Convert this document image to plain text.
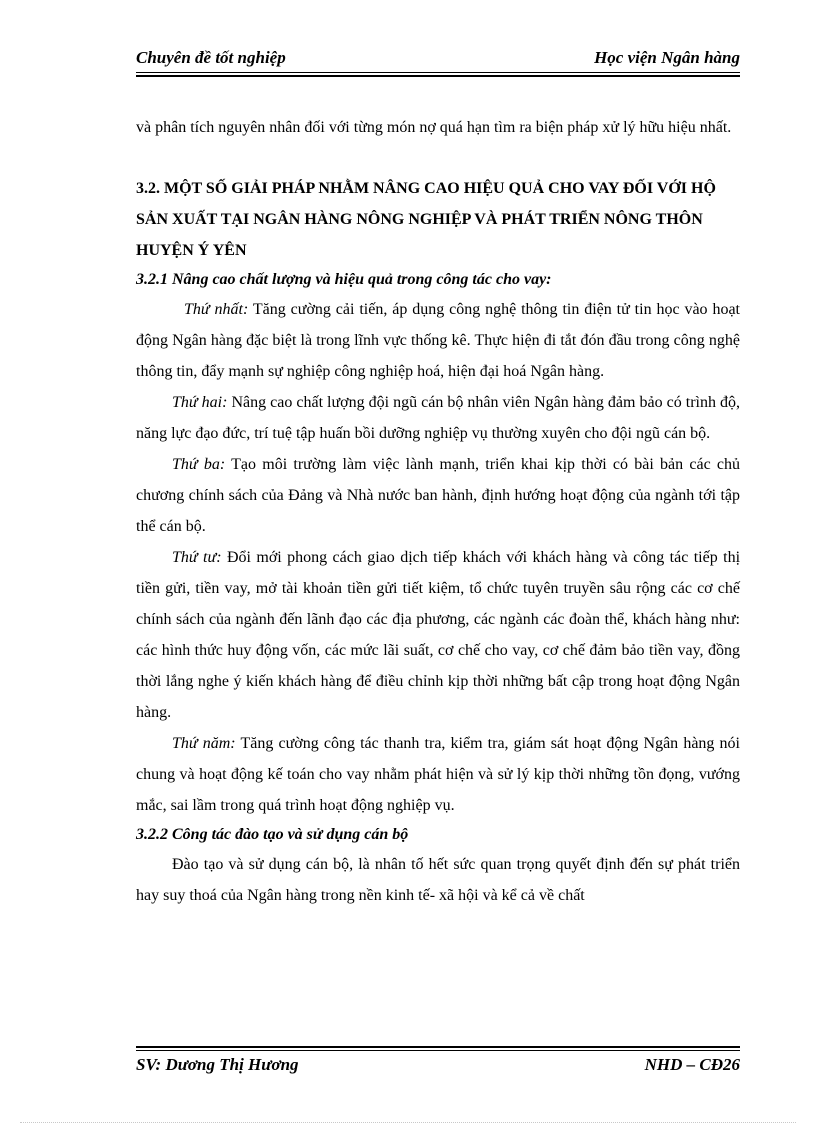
Chuyên đề tốt nghiệp	Học viện Ngân hàng

và phân tích nguyên nhân đối với từng món nợ quá hạn tìm ra biện pháp xử lý hữu hiệu nhất.

3.2. MỘT SỐ GIẢI PHÁP NHẰM NÂNG CAO HIỆU QUẢ CHO VAY ĐỐI VỚI HỘ SẢN XUẤT TẠI NGÂN HÀNG NÔNG NGHIỆP VÀ PHÁT TRIỂN NÔNG THÔN HUYỆN Ý YÊN
3.2.1 Nâng cao chất lượng và hiệu quả trong công tác cho vay:

Thứ nhất: Tăng cường cải tiến, áp dụng công nghệ thông tin điện tử tin học vào hoạt động Ngân hàng đặc biệt là trong lĩnh vực thống kê. Thực hiện đi tắt đón đầu trong công nghệ thông tin, đẩy mạnh sự nghiệp công nghiệp hoá, hiện đại hoá Ngân hàng.

Thứ hai: Nâng cao chất lượng đội ngũ cán bộ nhân viên Ngân hàng đảm bảo có trình độ, năng lực đạo đức, trí tuệ tập huấn bồi dưỡng nghiệp vụ thường xuyên cho đội ngũ cán bộ.

Thứ ba: Tạo môi trường làm việc lành mạnh, triển khai kịp thời có bài bản các chủ chương chính sách của Đảng và Nhà nước ban hành, định hướng hoạt động của ngành tới tập thể cán bộ.

Thứ tư: Đổi mới phong cách giao dịch tiếp khách với khách hàng và công tác tiếp thị tiền gửi, tiền vay, mở tài khoản tiền gửi tiết kiệm, tổ chức tuyên truyền sâu rộng các cơ chế chính sách của ngành đến lãnh đạo các địa phương, các ngành các đoàn thể, khách hàng như: các hình thức huy động vốn, các mức lãi suất, cơ chế cho vay, cơ chế đảm bảo tiền vay, đồng thời lắng nghe ý kiến khách hàng để điều chỉnh kịp thời những bất cập trong hoạt động Ngân hàng.

Thứ năm: Tăng cường công tác thanh tra, kiểm tra, giám sát hoạt động Ngân hàng nói chung và hoạt động kế toán cho vay nhằm phát hiện và sử lý kịp thời những tồn đọng, vướng mắc, sai lầm trong quá trình hoạt động nghiệp vụ.

3.2.2 Công tác đào tạo và sử dụng cán bộ

Đào tạo và sử dụng cán bộ, là nhân tố hết sức quan trọng quyết định đến sự phát triển hay suy thoá của Ngân hàng trong nền kinh tế- xã hội và kể cả về chất

SV: Dương Thị Hương	NHD – CĐ26
